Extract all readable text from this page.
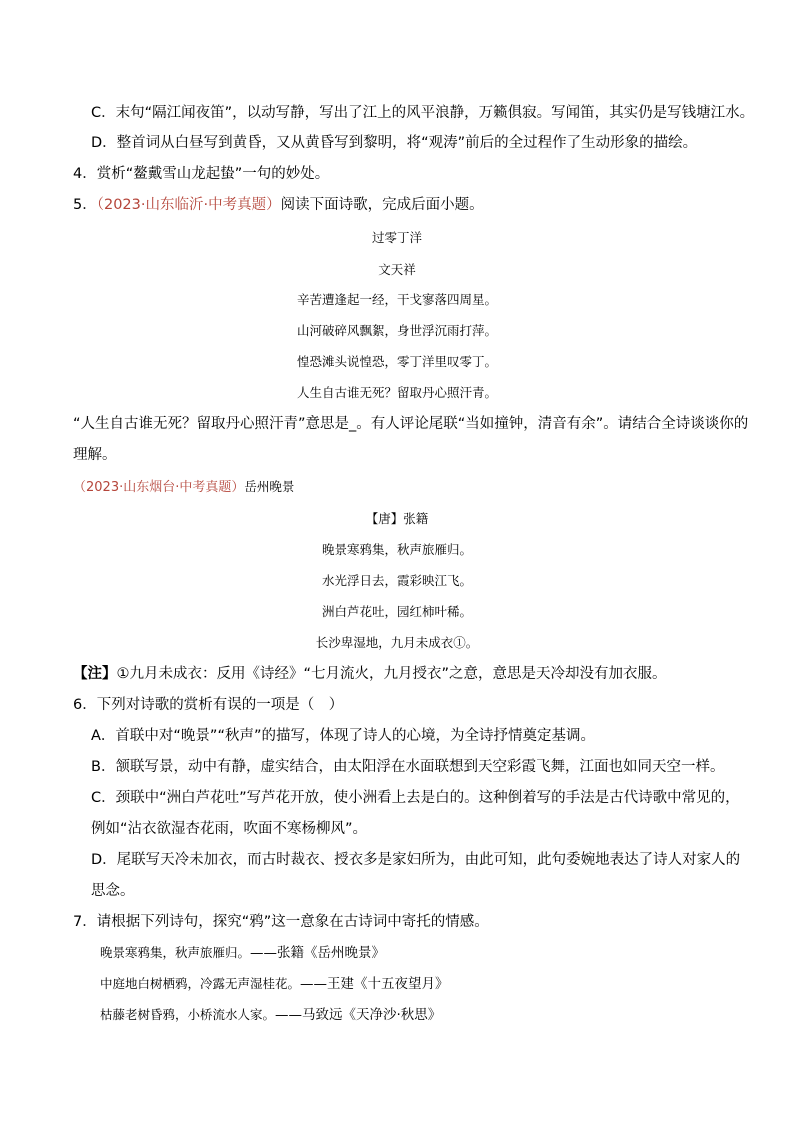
C．末句“隔江闻夜笛”，以动写静，写出了江上的风平浪静，万籁俱寂。写闻笛，其实仍是写钱塘江水。
D．整首词从白昼写到黄昏，又从黄昏写到黎明，将“观涛”前后的全过程作了生动形象的描绘。
4．赏析“鳌戴雪山龙起蛰”一句的妙处。
5．（2023·山东临沂·中考真题）阅读下面诗歌，完成后面小题。
过零丁洋
文天祥
辛苦遭逢起一经，干戈寥落四周星。
山河破碎风飘絮，身世浮沉雨打萍。
惶恐滩头说惶恐，零丁洋里叹零丁。
人生自古谁无死？留取丹心照汗青。
“人生自古谁无死？留取丹心照汗青”意思是_。有人评论尾联“当如撞钟，清音有余”。请结合全诗谈谈你的
理解。
（2023·山东烟台·中考真题）岳州晚景
【唐】张籍
晚景寒鸦集，秋声旅雁归。
水光浮日去，霞彩映江飞。
洲白芦花吐，园红柿叶稀。
长沙卑湿地，九月未成衣①。
【注】①九月未成衣：反用《诗经》“七月流火，九月授衣”之意，意思是天冷却没有加衣服。
6．下列对诗歌的赏析有误的一项是（　）
A．首联中对“晚景”“秋声”的描写，体现了诗人的心境，为全诗抒情奠定基调。
B．颔联写景，动中有静，虚实结合，由太阳浮在水面联想到天空彩霞飞舞，江面也如同天空一样。
C．颈联中“洲白芦花吐”写芦花开放，使小洲看上去是白的。这种倒着写的手法是古代诗歌中常见的，
例如“沾衣欲湿杏花雨，吹面不寒杨柳风”。
D．尾联写天冷未加衣，而古时裁衣、授衣多是家妇所为，由此可知，此句委婉地表达了诗人对家人的
思念。
7．请根据下列诗句，探究“鸦”这一意象在古诗词中寄托的情感。
晚景寒鸦集，秋声旅雁归。——张籍《岳州晚景》
中庭地白树栖鸦，冷露无声湿桂花。——王建《十五夜望月》
枯藤老树昏鸦，小桥流水人家。——马致远《天净沙·秋思》
